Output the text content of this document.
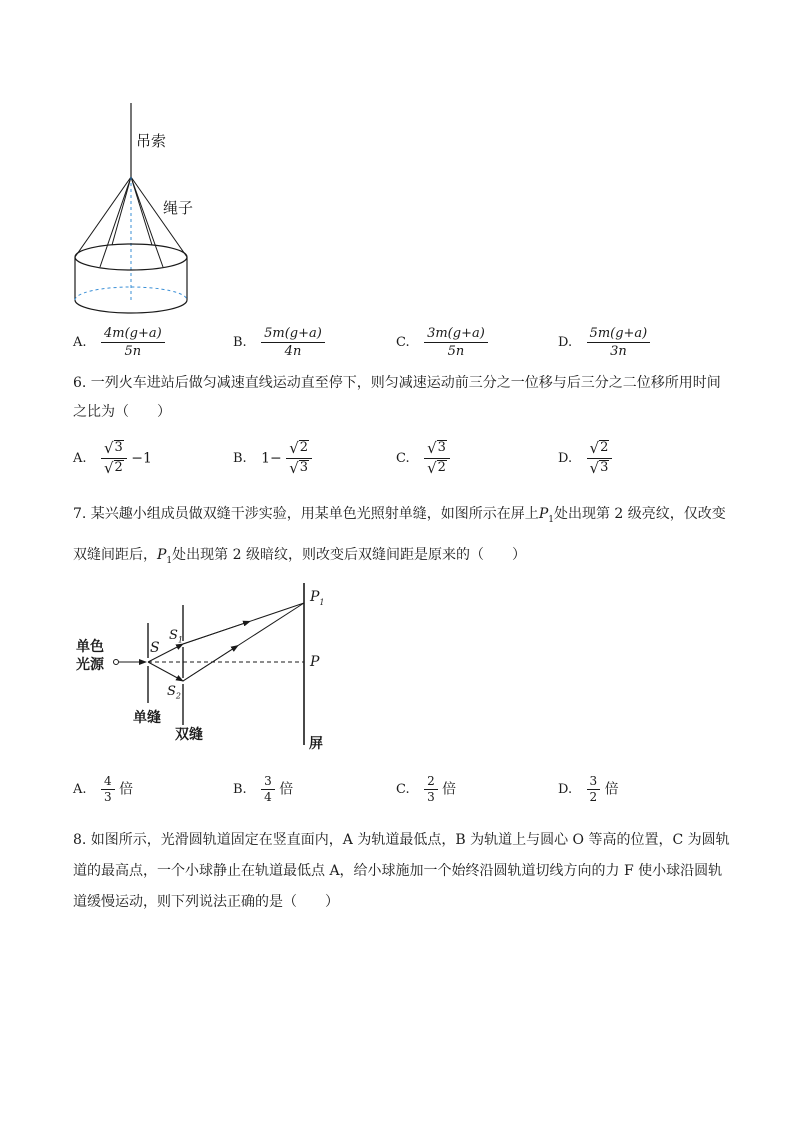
吊索
绳子
A. $\frac{4m(g+a)}{5n}$	B. $\frac{5m(g+a)}{4n}$	C. $\frac{3m(g+a)}{5n}$	D. $\frac{5m(g+a)}{3n}$
6. 一列火车进站后做匀减速直线运动直至停下，则匀减速运动前三分之一位移与后三分之二位移所用时间
之比为（　　）
A. $\frac{√ 3}{√ 2} -1$	B. $1- \frac{√ 2}{√ 3}$	C. $\frac{√ 3}{√ 2}$	D. $\frac{√ 2}{√ 3}$
7. 某兴趣小组成员做双缝干涉实验，用某单色光照射单缝，如图所示在屏上$P_1$处出现第 2 级亮纹，仅改变
双缝间距后，$P_1$处出现第 2 级暗纹，则改变后双缝间距是原来的（　　）
单色
光源
S
$S_1$
$S_2$
$P_1$
P
单缝
双缝
屏
A. $\frac{4}{3}$ 倍	B. $\frac{3}{4}$ 倍	C. $\frac{2}{3}$ 倍	D. $\frac{3}{2}$ 倍
8. 如图所示，光滑圆轨道固定在竖直面内，A 为轨道最低点，B 为轨道上与圆心 O 等高的位置，C 为圆轨
道的最高点，一个小球静止在轨道最低点 A，给小球施加一个始终沿圆轨道切线方向的力 F 使小球沿圆轨
道缓慢运动，则下列说法正确的是（　　）
